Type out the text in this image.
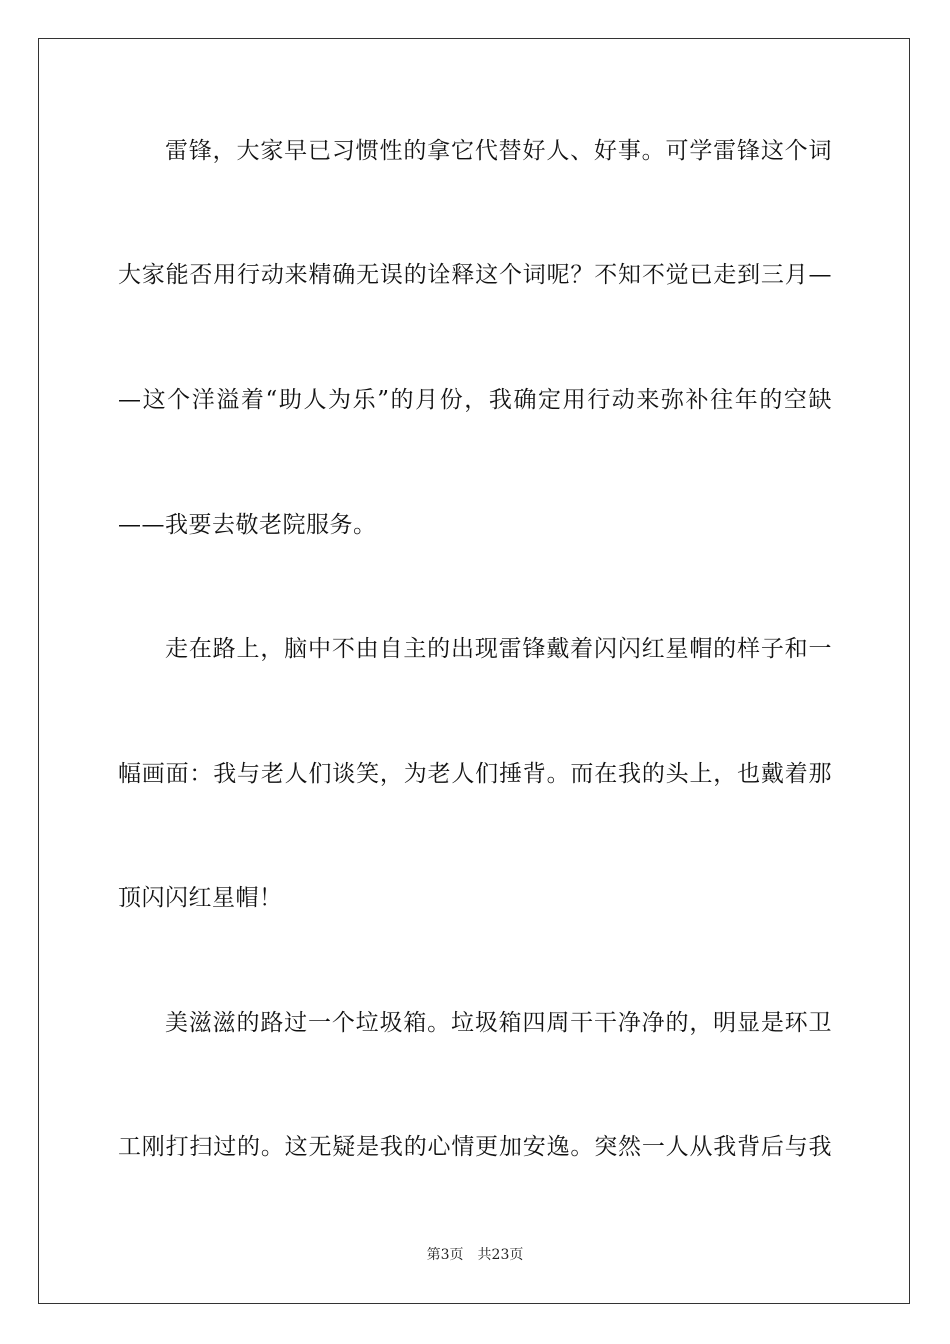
雷锋，大家早已习惯性的拿它代替好人、好事。可学雷锋这个词
大家能否用行动来精确无误的诠释这个词呢？不知不觉已走到三月—
—这个洋溢着“助人为乐”的月份，我确定用行动来弥补往年的空缺
——我要去敬老院服务。
走在路上，脑中不由自主的出现雷锋戴着闪闪红星帽的样子和一
幅画面：我与老人们谈笑，为老人们捶背。而在我的头上，也戴着那
顶闪闪红星帽！
美滋滋的路过一个垃圾箱。垃圾箱四周干干净净的，明显是环卫
工刚打扫过的。这无疑是我的心情更加安逸。突然一人从我背后与我
第3页 共23页
